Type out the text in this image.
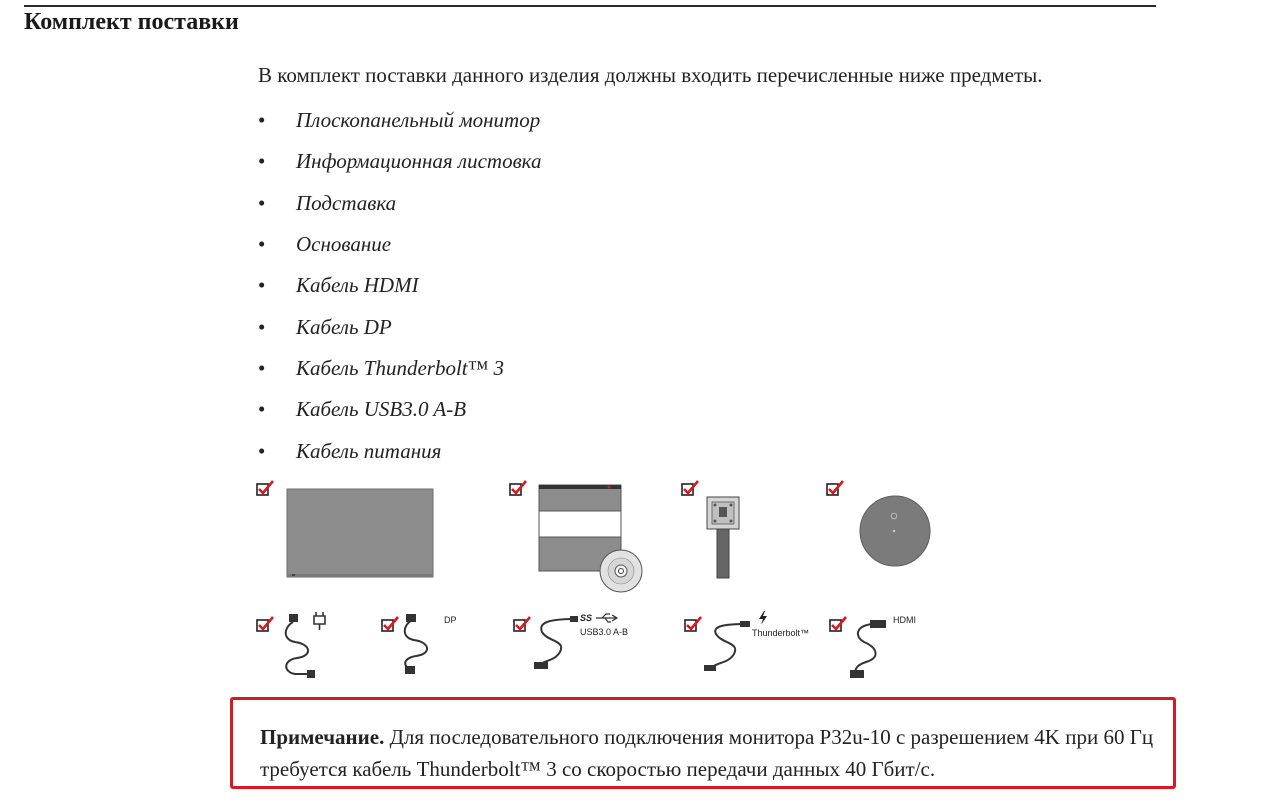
Комплект поставки
В комплект поставки данного изделия должны входить перечисленные ниже предметы.
•	Плоскопанельный монитор
•	Информационная листовка
•	Подставка
•	Основание
•	Кабель HDMI
•	Кабель DP
•	Кабель Thunderbolt™ 3
•	Кабель USB3.0 A-B
•	Кабель питания
DP	SS
USB3.0 A-B	Thunderbolt™
HDMI
Примечание. Для последовательного подключения монитора P32u-10 с разрешением 4K при 60 Гц требуется кабель Thunderbolt™ 3 со скоростью передачи данных 40 Гбит/с.
